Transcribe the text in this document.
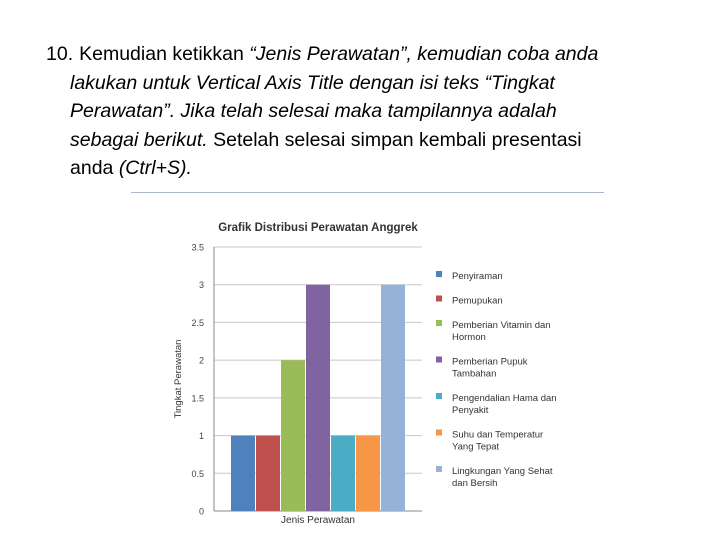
10. Kemudian ketikkan “Jenis Perawatan”, kemudian coba anda
lakukan untuk Vertical Axis Title dengan isi teks “Tingkat
Perawatan”. Jika telah selesai maka tampilannya adalah
sebagai berikut. Setelah selesai simpan kembali presentasi
anda (Ctrl+S).
Grafik Distribusi Perawatan Anggrek
0
0.5
1
1.5
2
2.5
3
3.5
Jenis Perawatan
Tingkat Perawatan
Penyiraman
Pemupukan
Pemberian Vitamin dan
Hormon
Pemberian Pupuk
Tambahan
Pengendalian Hama dan
Penyakit
Suhu dan Temperatur
Yang Tepat
Lingkungan Yang Sehat
dan Bersih
